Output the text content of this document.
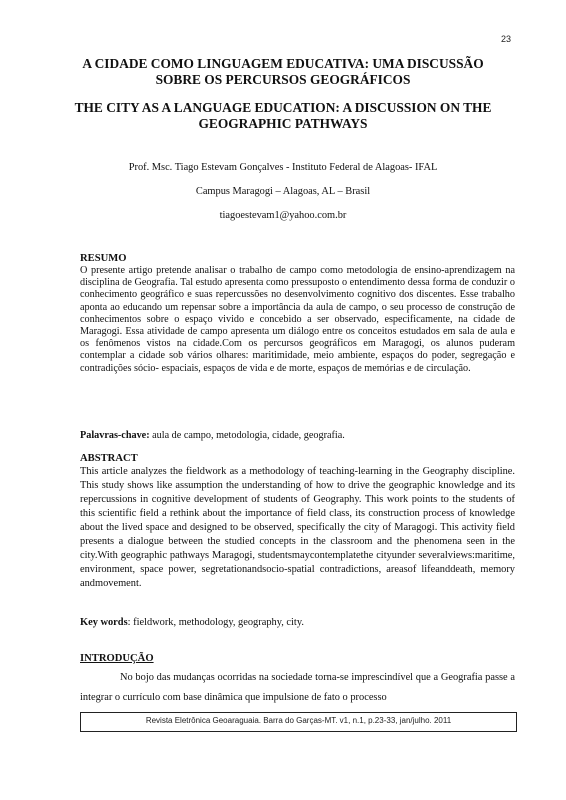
23
A CIDADE COMO LINGUAGEM EDUCATIVA: UMA DISCUSSÃO SOBRE OS PERCURSOS GEOGRÁFICOS
THE CITY AS A LANGUAGE EDUCATION: A DISCUSSION ON THE GEOGRAPHIC PATHWAYS
Prof. Msc. Tiago Estevam Gonçalves - Instituto Federal de Alagoas- IFAL
Campus Maragogi – Alagoas, AL – Brasil
tiagoestevam1@yahoo.com.br
RESUMO
O presente artigo pretende analisar o trabalho de campo como metodologia de ensino-aprendizagem na disciplina de Geografia. Tal estudo apresenta como pressuposto o entendimento dessa forma de conduzir o conhecimento geográfico e suas repercussões no desenvolvimento cognitivo dos discentes. Esse trabalho aponta ao educando um repensar sobre a importância da aula de campo, o seu processo de construção de conhecimentos sobre o espaço vivido e concebido a ser observado, especificamente, na cidade de Maragogi. Essa atividade de campo apresenta um diálogo entre os conceitos estudados em sala de aula e os fenômenos vistos na cidade.Com os percursos geográficos em Maragogi, os alunos puderam contemplar a cidade sob vários olhares: maritimidade, meio ambiente, espaços do poder, segregação e contradições sócio- espaciais, espaços de vida e de morte, espaços de memórias e de circulação.
Palavras-chave: aula de campo, metodologia, cidade, geografia.
ABSTRACT
This article analyzes the fieldwork as a methodology of teaching-learning in the Geography discipline. This study shows like assumption the understanding of how to drive the geographic knowledge and its repercussions in cognitive development of students of Geography. This work points to the students of this scientific field a rethink about the importance of field class, its construction process of knowledge about the lived space and designed to be observed, specifically the city of Maragogi. This activity field presents a dialogue between the studied concepts in the classroom and the phenomena seen in the city.With geographic pathways Maragogi, studentsmaycontemplatethe cityunder severalviews:maritime, environment, space power, segretationandsocio-spatial contradictions, areasof lifeanddeath, memory andmovement.
Key words: fieldwork, methodology, geography, city.
INTRODUÇÃO
No bojo das mudanças ocorridas na sociedade torna-se imprescindível que a Geografia passe a integrar o currículo com base dinâmica que impulsione de fato o processo
Revista Eletrônica Geoaraguaia. Barra do Garças-MT. v1, n.1, p.23-33, jan/julho. 2011
